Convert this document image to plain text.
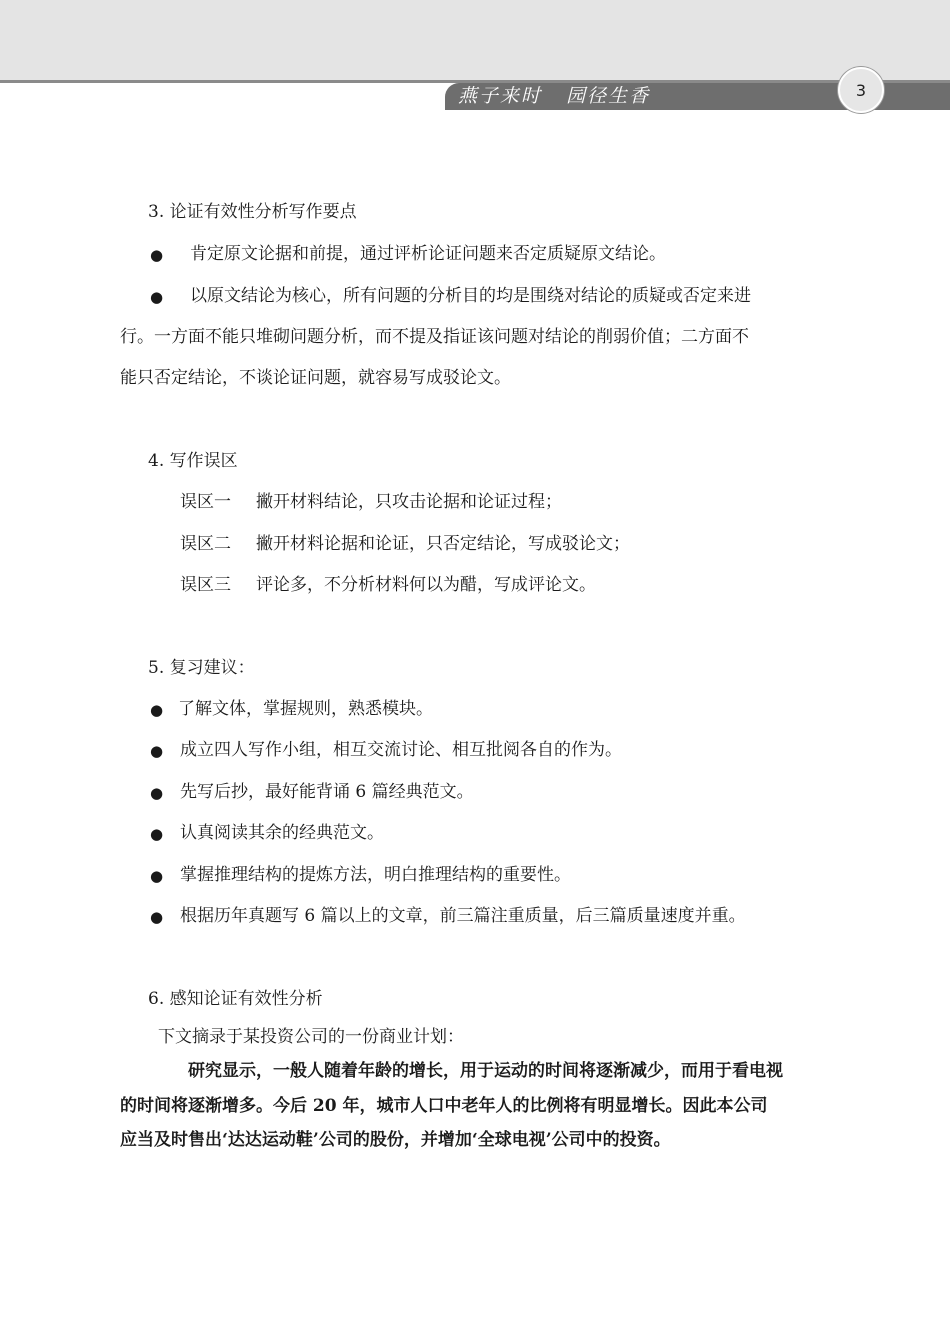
燕子来时   园径生香	3
3. 论证有效性分析写作要点
● 肯定原文论据和前提，通过评析论证问题来否定质疑原文结论。
● 以原文结论为核心，所有问题的分析目的均是围绕对结论的质疑或否定来进
行。一方面不能只堆砌问题分析，而不提及指证该问题对结论的削弱价值；二方面不
能只否定结论，不谈论证问题，就容易写成驳论文。
4. 写作误区
误区一 撇开材料结论，只攻击论据和论证过程；
误区二 撇开材料论据和论证，只否定结论，写成驳论文；
误区三 评论多，不分析材料何以为醋，写成评论文。
5. 复习建议：
● 了解文体，掌握规则，熟悉模块。
● 成立四人写作小组，相互交流讨论、相互批阅各自的作为。
● 先写后抄，最好能背诵 6 篇经典范文。
● 认真阅读其余的经典范文。
● 掌握推理结构的提炼方法，明白推理结构的重要性。
● 根据历年真题写 6 篇以上的文章，前三篇注重质量，后三篇质量速度并重。
6. 感知论证有效性分析
下文摘录于某投资公司的一份商业计划：
研究显示，一般人随着年龄的增长，用于运动的时间将逐渐减少，而用于看电视
的时间将逐渐增多。今后 20 年，城市人口中老年人的比例将有明显增长。因此本公司
应当及时售出‘达达运动鞋’公司的股份，并增加‘全球电视’公司中的投资。
